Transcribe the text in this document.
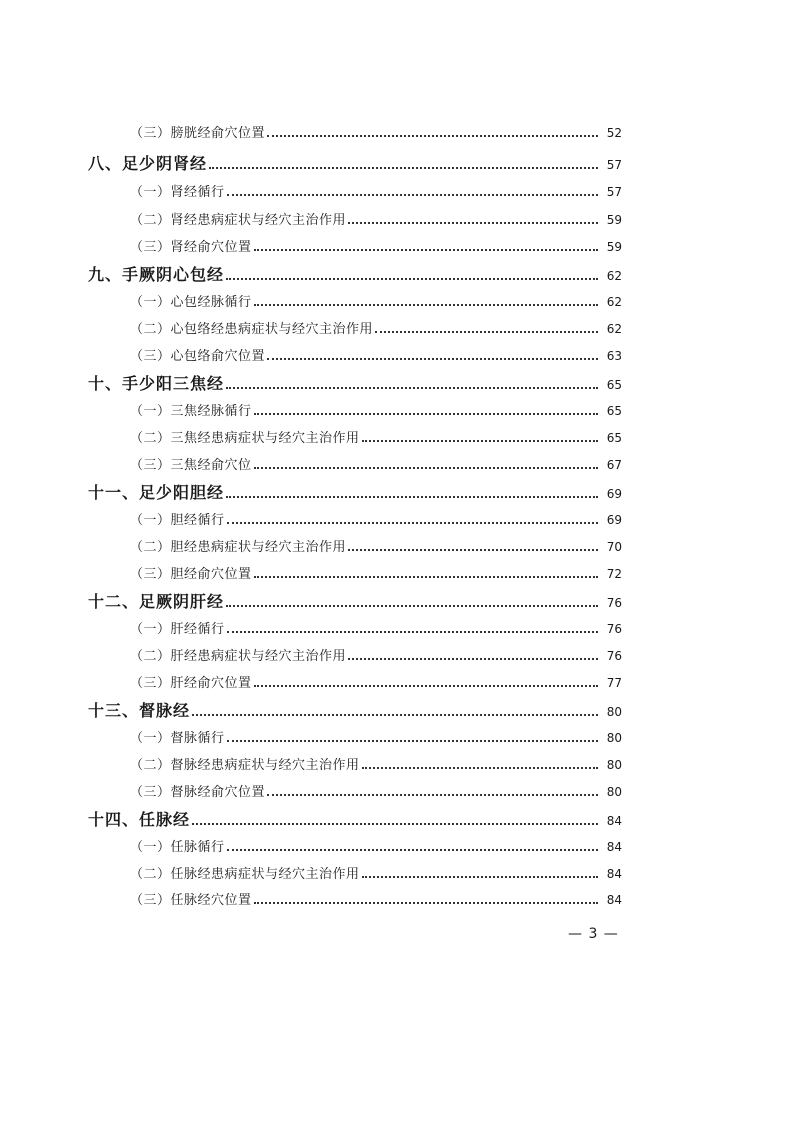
（三）膀胱经俞穴位置	52
八、足少阴肾经	57
（一）肾经循行	57
（二）肾经患病症状与经穴主治作用	59
（三）肾经俞穴位置	59
九、手厥阴心包经	62
（一）心包经脉循行	62
（二）心包络经患病症状与经穴主治作用	62
（三）心包络俞穴位置	63
十、手少阳三焦经	65
（一）三焦经脉循行	65
（二）三焦经患病症状与经穴主治作用	65
（三）三焦经俞穴位	67
十一、足少阳胆经	69
（一）胆经循行	69
（二）胆经患病症状与经穴主治作用	70
（三）胆经俞穴位置	72
十二、足厥阴肝经	76
（一）肝经循行	76
（二）肝经患病症状与经穴主治作用	76
（三）肝经俞穴位置	77
十三、督脉经	80
（一）督脉循行	80
（二）督脉经患病症状与经穴主治作用	80
（三）督脉经俞穴位置	80
十四、任脉经	84
（一）任脉循行	84
（二）任脉经患病症状与经穴主治作用	84
（三）任脉经穴位置	84
— 3 —
